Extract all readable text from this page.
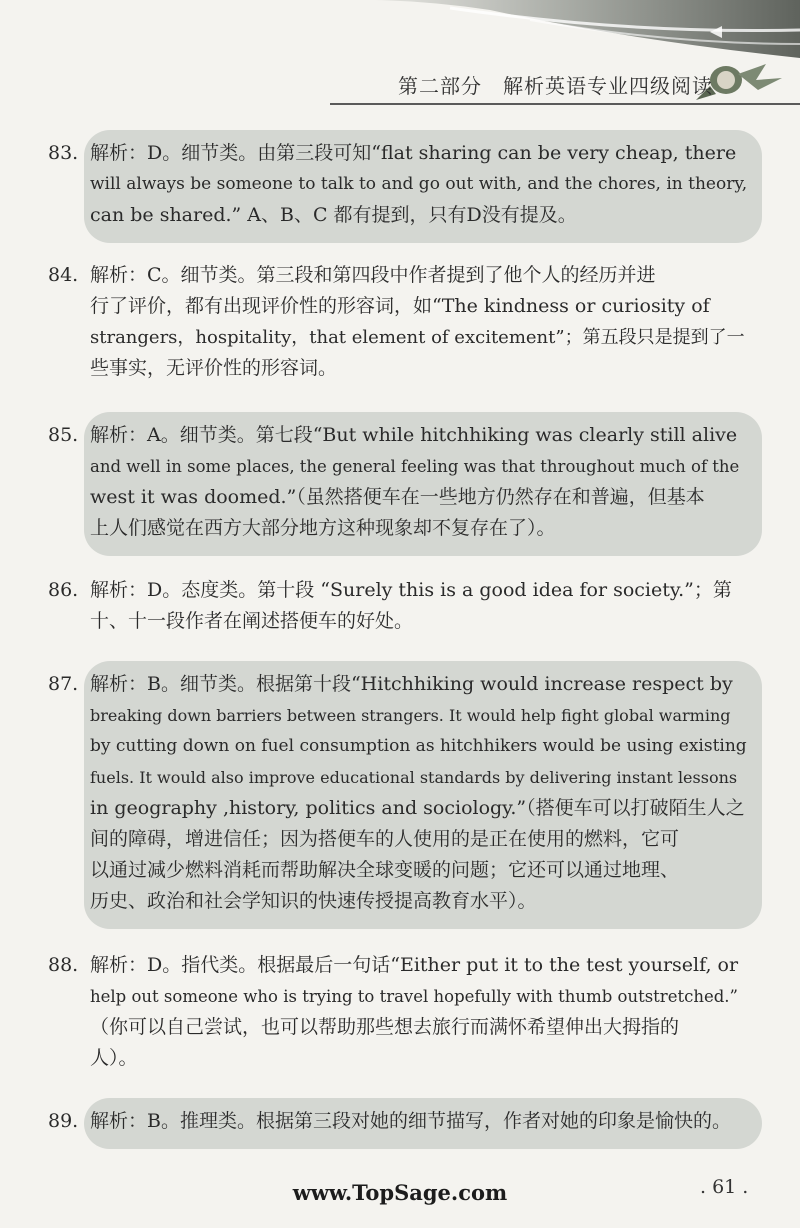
第二部分　解析英语专业四级阅读
83. 解析：D。细节类。由第三段可知“flat sharing can be very cheap, there
will always be someone to talk to and go out with, and the chores, in theory,
can be shared.” A、B、C 都有提到，只有D没有提及。
84. 解析：C。细节类。第三段和第四段中作者提到了他个人的经历并进
行了评价，都有出现评价性的形容词，如“The kindness or curiosity of
strangers，hospitality，that element of excitement”；第五段只是提到了一
些事实，无评价性的形容词。
85. 解析：A。细节类。第七段“But while hitchhiking was clearly still alive
and well in some places, the general feeling was that throughout much of the
west it was doomed.”（虽然搭便车在一些地方仍然存在和普遍，但基本
上人们感觉在西方大部分地方这种现象却不复存在了）。
86. 解析：D。态度类。第十段 “Surely this is a good idea for society.”；第
十、十一段作者在阐述搭便车的好处。
87. 解析：B。细节类。根据第十段“Hitchhiking would increase respect by
breaking down barriers between strangers. It would help fight global warming
by cutting down on fuel consumption as hitchhikers would be using existing
fuels. It would also improve educational standards by delivering instant lessons
in geography ,history, politics and sociology.”（搭便车可以打破陌生人之
间的障碍，增进信任；因为搭便车的人使用的是正在使用的燃料，它可
以通过减少燃料消耗而帮助解决全球变暖的问题；它还可以通过地理、
历史、政治和社会学知识的快速传授提高教育水平）。
88. 解析：D。指代类。根据最后一句话“Either put it to the test yourself, or
help out someone who is trying to travel hopefully with thumb outstretched.”
（你可以自己尝试，也可以帮助那些想去旅行而满怀希望伸出大拇指的
人）。
89. 解析：B。推理类。根据第三段对她的细节描写，作者对她的印象是愉快的。
www.TopSage.com	. 61 .
